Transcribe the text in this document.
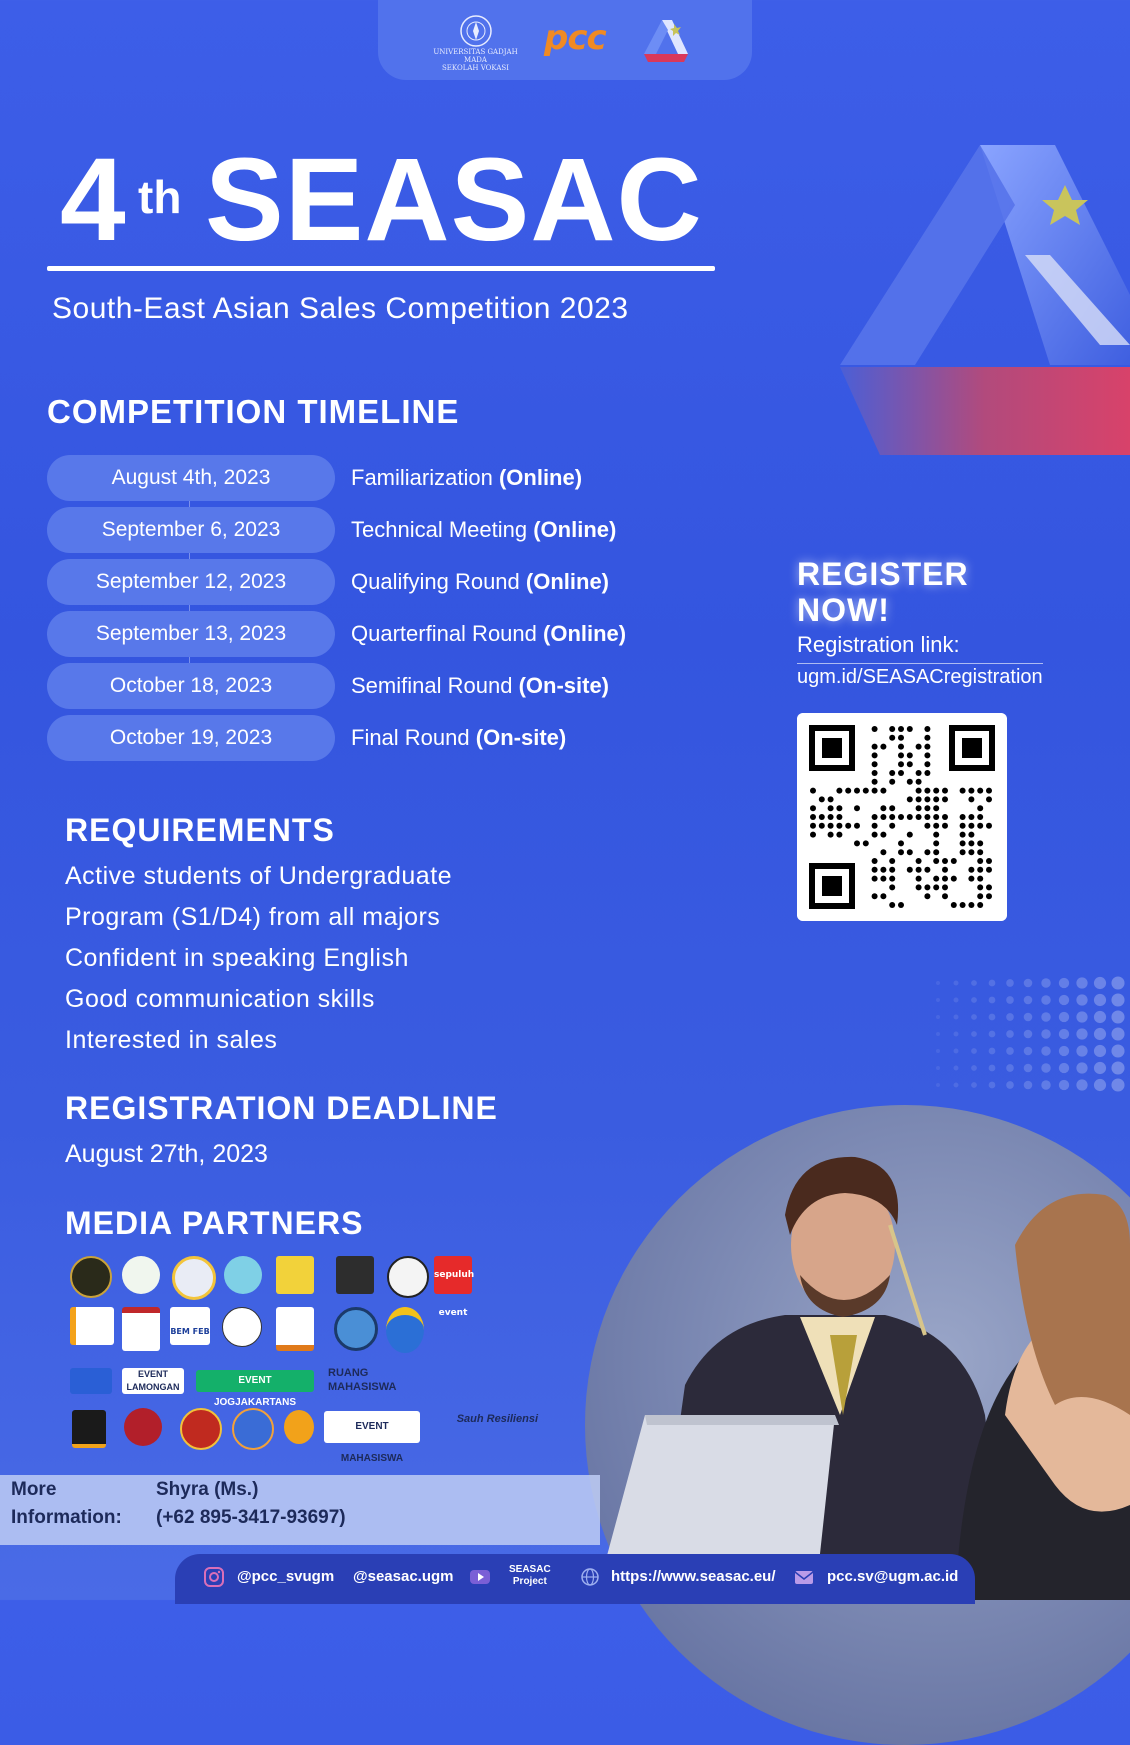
UNIVERSITAS GADJAH MADA
SEKOLAH VOKASI
pcc
4 th SEASAC
South-East Asian Sales Competition 2023
COMPETITION TIMELINE
August 4th, 2023	Familiarization (Online)
September 6, 2023	Technical Meeting (Online)
September 12, 2023	Qualifying Round (Online)
September 13, 2023	Quarterfinal Round (Online)
October 18, 2023	Semifinal Round (On-site)
October 19, 2023	Final Round (On-site)
REGISTER NOW!
Registration link:
ugm.id/SEASACregistration
REQUIREMENTS
Active students of Undergraduate
Program (S1/D4) from all majors
Confident in speaking English
Good communication skills
Interested in sales
REGISTRATION DEADLINE
August 27th, 2023
MEDIA PARTNERS
sepuluh event
BEM FEB
EVENT LAMONGAN
EVENT JOGJAKARTANS
RUANG MAHASISWA
EVENT MAHASISWA
Sauh Resiliensi
More
Information:
Shyra (Ms.)
(+62 895-3417-93697)
@pcc_svugm @seasac.ugm	SEASAC
Project	https://www.seasac.eu/	pcc.sv@ugm.ac.id
